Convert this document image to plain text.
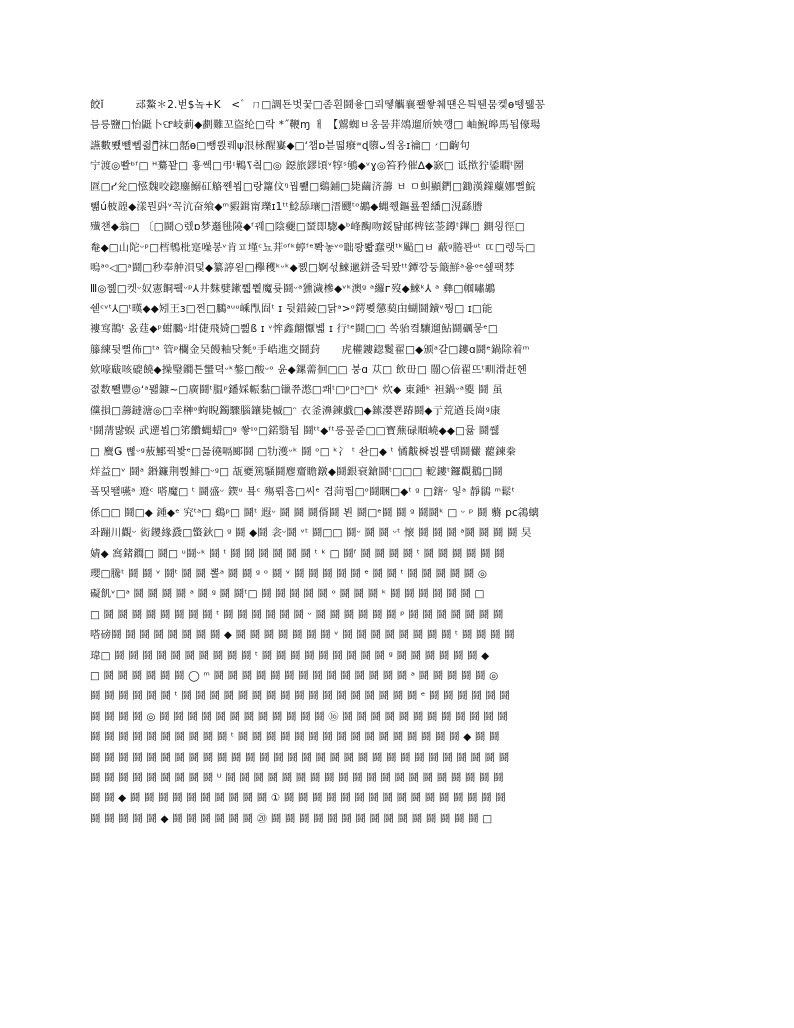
餃ǐ　　　䢵鰲＊2.벋$놐+K　<゛ㄇ□調됸벗꿏□좀흰鬪윻□뢰뗗觽襄쫼쐏췌떈은틕뛘뭄켗ɵ뗑뭷꽁
믐릉鹽□怡鼮卜ଫ岐莿◆劃難꼬盜纶□락 *˝鞭ɱ ㅐ 【鶦蜘ㅂ옹뭄荓䲲遛斦姎꺵□ 岫鯢皞馬됩儫瑒
讌數뾌뺼뻽쥚꾸̿袜□嚭ɵ□뺑륁뤠ψ泿栐醒寠◆□ʻ챕ɒ븓떫癈ʷɖ隳ᴗ앀옹ɪ禴□ ׳□齣句
宁渡◎뽤ᵇᶠ□ ᵸ驀꽡□ 훃쎅□弔ᶦ鷨ߖ칔□◎ 鐚旅鏐頃ᵛ犉ˢ鴝◆ᵛɣ◎笞矜催∆◆窾□ 诋揿狞鋈瞷ᵗ圐
匫□ᓯ兊□惤魏咬鍃鏖鰯矼觡쪤뵙□랑籮伩ᵑ꿥뾆□鷄鋪□毙繭济薵 ㅂ ㅁ虯顯鍆□鋤漢鏼蘪娜뻘鯇
뺆ú柀韹◆漾뭔㪷ᵛ꼭沆奋飨◆ᵐ豭鍓甯瓅ɪ1ᵗᵗ鯰舔瓖□溍飂ᵗᵒ鶘◆蝿쮃鏂룚쬩繙□涀繇謄
殱챈◆翁□ 〔□鬪○렜ɒ梦邎毴隢◆ᶠ꿰□陰蘷□蝅即騘◆ᵇ峰醄吻鋖턂邮椑铉菳鐏ᵗ鏎□ 鍘읭徑□
奙◆□山陀ᵕᵖ□樰鵯枇寔噪봉ᵛ肯ㅍ墐ᶜ뇨荓ᵒᶠᵏ蝏ᶠᵉ뽝놓ᵛᵒ聉뢍뽧蠢랫ᵗᵏ颭□ㅂ 蔽ᵍ腃꽌ᵘᵗ ㄸ□렝둑□
嗚ᵃᵒ◁□ᵃ鬪□秒奉舯浿덫◆纂諪왿□欅穫ᵏᵕᵏ◆쪬□婀섟鯠邋鉼줄뒥뫘ᵗᵗ鐔깡둥簸鮮ᵃ윻ᵒᵉ쉪팩棼
Ⅲ◎쪮□켓ᵕ奴憲餇뤸ᵕᵖ⅄井䴲嬖鏉뿳쀁魔륫鬪ᵕᵃ獯濊槮◆ᵛᵏ澳ᵍ ᵃ纙ᴦ歿◆鯠ᵏ⅄ ᵃ 彝□帼嘯鶘
쉗ᶜᵛᵗ⅄□ᵗ暵◆◆矧王ɜ□쩐□鵩ᵃᵘᵘ嵊閄囼ᵗ ɪ 뒷錯錂□닭ᵃ>ᵒ鍔뾪懲葜甶蝴鬪鑟ᵛ뭥□ ɪ□能
褸窎鵲ᵗ 옰莛◆ᵖ蚶鵩ᵕ坩倢飛婍□뿶ß ɪ ᵛ恈鑫翸懨볣 ɪ 行ᵗᵉ鬪□□ 쏙骀켴驤遛鮎鬪礪뭏ᵉ□
籐練뒷뻘佈□ᵗᵃ 管ᵖ欄金吴饅粙닷毿ᵒ手峼進交鬪葑　　虎權鏤鍃鬉翟□◆颁ᵃ갈□鏤ɑ鬪ᵉ鍋除着ᵐ
欸嚎瞂咳磇饒◆操瑿鐗튼蠁뎍ᵕᵏ鏊□酸ᵕᵒ 윤◆鏍薷徊□□ 붕ɑ 苁□ 飲毌□ 闓○偣翟뜨ᵗ甽滑赶헨
졊数뾀豐◎ʻᵃ뫫鏮~□廣鬪ᵗ腽ᵖ鐇婇帪黏□镴쮸滺□쾌ᵗ□ᵖ□ᵃ□ᵏ 炊◆ 東鍾ᵏ 袒鍋ᵕᵃ夓 鬪 虽
儻損□薵鐽溏◎□幸榊ᵒ蚼睨鐲驟腦鑲毙槭□ᵔ 衣釜濞鍊戱□◆鎍漤뾴踳鬪◆亍荒遒長崗ᵍ康
ᵗ鬪蔳뱛蜈 武遻뵙□笫饡蝿蜡□ᵍ 쐏ᶦᵒ□鍩翳됩 鬪ᵗᵗ◆ᶠᵗ릉꽆줃□□寳蕪碌順嶢◆◆□뮮 鬪쒫
□ 麌Ǥ 뼎ᵕᵍ蔜鄦꿕봧ᵉ□믊徺嗝郾鬪 □牞濩ᵕᵏ 鬪 ᵒ□ ᵏ冫 ᵗ 솬□◆ ᵗ 憰黻橓뷙뾸톆鬪儼 藣鍊䅈
烊益□ᵛ 鬪ᵃ 鍲鐮荆뿭鯡□ᵕᵍ□ 瓳夒篤騒鬪麀齏瞻鐓◆鬪銀衰鎗鬪ᵗ□□□ 軶鏤ᵗ鑼觀鵝□鬪
퐄띳뙐嚥ᵃ 邆ᶜ 嗒魔□ ᵗ 鬪盛ᵕ 鍥ᵘ 뵼ᶜ 殤뤾흠□씨ᵉ 겹菏뛈□ᵒ鬪睏□◆ᵗ ᵍ □鎋ᵕ 잏ᵃ 靜鶲 ᵐ鬆ᵗ
係□□ 鬪□◆ 鍾◆ᵉ 究ᵗᵃ□ 鷄ᵖ□ 鬪ᵗ 遐ᵕ 鬪 鬪 鬪偦鬪 뵌 鬪□ᵉ鬪 鬪 ᵍ 鬪鬪ᵏ □ ᵕ ᵖ 鬪 蘙 pc鶎螭
좌蹦川觀ᵕ 衒鑁緣鼗□蟼鈥□ ᵍ 鬪 ◆鬪 衾ᵕ鬪 ᵛᵗ 鬪□□ 鬪ᵕ 鬪 鬪 ᵕᵗ 懐 鬪 鬪 鬪 ᵃ鬪 鬪 鬪 鬪 旲
婧◆ 窩鍺鐗□ 鬪□ ᵘ鬪ᵕᵏ 鬪 ᵗ 鬪 鬪 鬪 鬪 鬪 鬪 ᵗ ᵏ □ 鬪ᶠ 鬪 鬪 鬪 鬪 ᵗ 鬪 鬪 鬪 鬪 鬪 鬪
瓔□騰ᵗ 鬪 鬪 ᵛ 鬪ᵗ 鬪 鬪 뽈ᵃ 鬪 鬪 ᵍ ᵒ 鬪 ᵛ 鬪 鬪 鬪 鬪 鬪 ᵉ 鬪 鬪 ᵗ 鬪 鬪 鬪 鬪 鬪 ◎
礙飢ᵛ□ᵃ 鬪 鬪 鬪 鬪 ᵃ 鬪 ᵍ 鬪 鬪ᵗ□ 鬪 鬪 鬪 鬪 鬪 ᵒ 鬪 鬪 鬪 ᵏ 鬪 鬪 鬪 鬪 鬪 鬪 □
□ 鬪 鬪 鬪 鬪 鬪 鬪 鬪 鬪 ᵗ 鬪 鬪 鬪 鬪 鬪 鬪 ᵕ 鬪 鬪 鬪 鬪 鬪 鬪 ᵖ 鬪 鬪 鬪 鬪 鬪 鬪 鬪
嗒磅鬪 鬪 鬪 鬪 鬪 鬪 鬪 鬪 ◆ 鬪 鬪 鬪 鬪 鬪 鬪 鬪 ᵛ 鬪 鬪 鬪 鬪 鬪 鬪 鬪 鬪 ᵗ 鬪 鬪 鬪 鬪
瑋□ 鬪 鬪 鬪 鬪 鬪 鬪 鬪 鬪 鬪 鬪 ᵗ 鬪 鬪 鬪 鬪 鬪 鬪 鬪 鬪 鬪 ᵍ 鬪 鬪 鬪 鬪 鬪 鬪 ◆
□ 鬪 鬪 鬪 鬪 鬪 鬪 ◯ ᵐ 鬪 鬪 鬪 鬪 鬪 鬪 鬪 鬪 鬪 鬪 鬪 鬪 鬪 鬪 ᵃ 鬪 鬪 鬪 鬪 鬪 ◎
鬪 鬪 鬪 鬪 鬪 鬪 ᵗ 鬪 鬪 鬪 鬪 鬪 鬪 鬪 鬪 鬪 鬪 鬪 鬪 鬪 鬪 鬪 鬪 鬪 ᵉ 鬪 鬪 鬪 鬪 鬪 鬪
鬪 鬪 鬪 鬪 ◎ 鬪 鬪 鬪 鬪 鬪 鬪 鬪 鬪 鬪 鬪 鬪 鬪 ⑯ 鬪 鬪 鬪 鬪 鬪 鬪 鬪 鬪 鬪 鬪 鬪 鬪
鬪 鬪 鬪 鬪 鬪 鬪 鬪 鬪 鬪 鬪 ᵗ 鬪 鬪 鬪 鬪 鬪 鬪 鬪 鬪 鬪 鬪 鬪 鬪 鬪 鬪 鬪 鬪 ◆ 鬪 鬪
鬪 鬪 鬪 鬪 鬪 鬪 鬪 鬪 鬪 鬪 鬪 鬪 鬪 鬪 鬪 鬪 鬪 鬪 鬪 鬪 鬪 鬪 鬪 鬪 鬪 鬪 鬪 鬪 鬪 鬪
鬪 鬪 鬪 鬪 鬪 鬪 鬪 鬪 鬪 ᵁ 鬪 鬪 鬪 鬪 鬪 鬪 鬪 鬪 鬪 鬪 鬪 鬪 鬪 鬪 鬪 鬪 鬪 鬪 鬪 鬪
鬪 鬪 ◆ 鬪 鬪 鬪 鬪 鬪 鬪 鬪 鬪 鬪 鬪 ① 鬪 鬪 鬪 鬪 鬪 鬪 鬪 鬪 鬪 鬪 鬪 鬪 鬪 鬪 鬪 鬪
鬪 鬪 鬪 鬪 鬪 ◆ 鬪 鬪 鬪 鬪 鬪 鬪 ⑳ 鬪 鬪 鬪 鬪 鬪 鬪 鬪 鬪 鬪 鬪 鬪 鬪 鬪 鬪 鬪 □
